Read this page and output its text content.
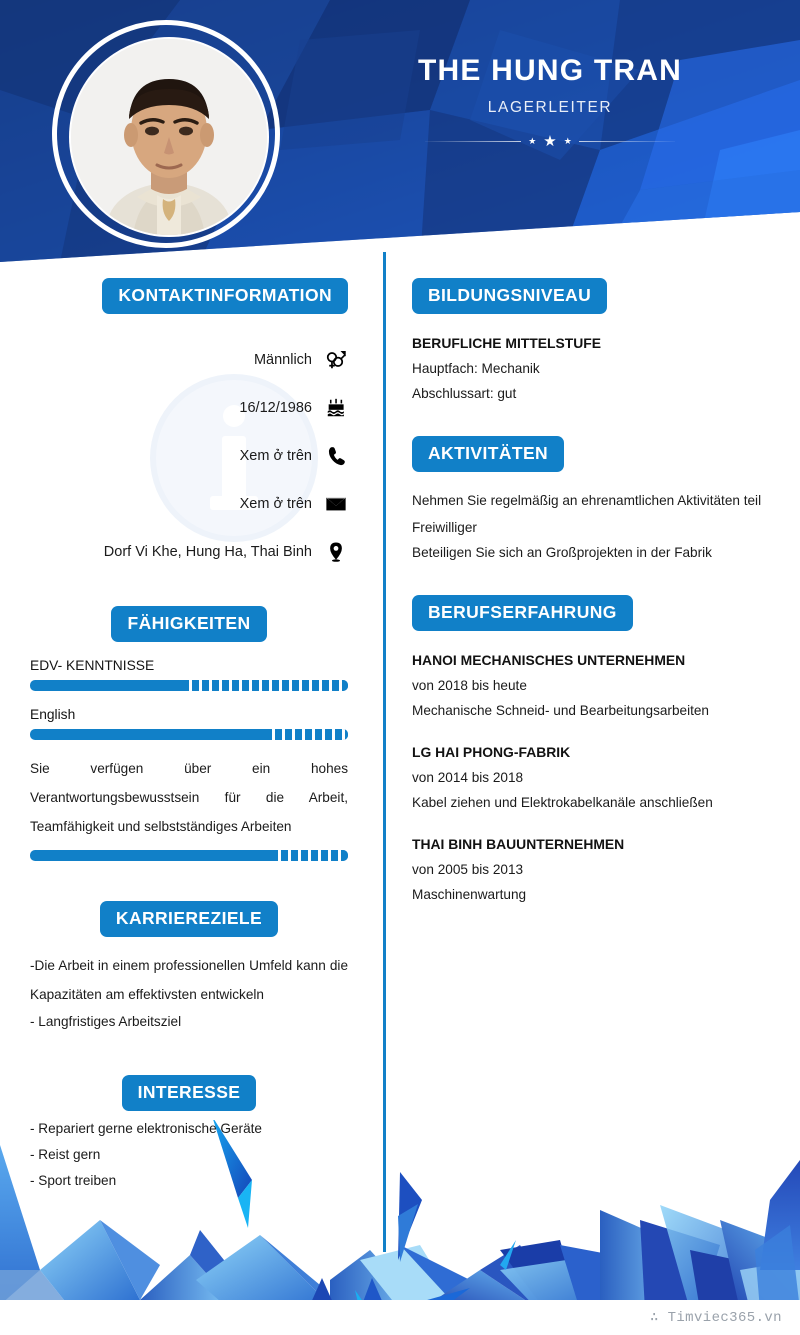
THE HUNG TRAN
LAGERLEITER
★ ★ ★
KONTAKTINFORMATION
Männlich
16/12/1986
Xem ở trên
Xem ở trên
Dorf Vi Khe, Hung Ha, Thai Binh
FÄHIGKEITEN
EDV- KENNTNISSE
English
Sie verfügen über ein hohes Verantwortungsbewusstsein für die Arbeit, Teamfähigkeit und selbstständiges Arbeiten
KARRIEREZIELE
-Die Arbeit in einem professionellen Umfeld kann die Kapazitäten am effektivsten entwickeln
- Langfristiges Arbeitsziel
INTERESSE
- Repariert gerne elektronische Geräte
- Reist gern
- Sport treiben
BILDUNGSNIVEAU
BERUFLICHE MITTELSTUFE
Hauptfach: Mechanik
Abschlussart: gut
AKTIVITÄTEN
Nehmen Sie regelmäßig an ehrenamtlichen Aktivitäten teil
Freiwilliger
Beteiligen Sie sich an Großprojekten in der Fabrik
BERUFSERFAHRUNG
HANOI MECHANISCHES UNTERNEHMEN
von 2018 bis heute
Mechanische Schneid- und Bearbeitungsarbeiten
LG HAI PHONG-FABRIK
von 2014 bis 2018
Kabel ziehen und Elektrokabelkanäle anschließen
THAI BINH BAUUNTERNEHMEN
von 2005 bis 2013
Maschinenwartung
∴ Timviec365.vn
